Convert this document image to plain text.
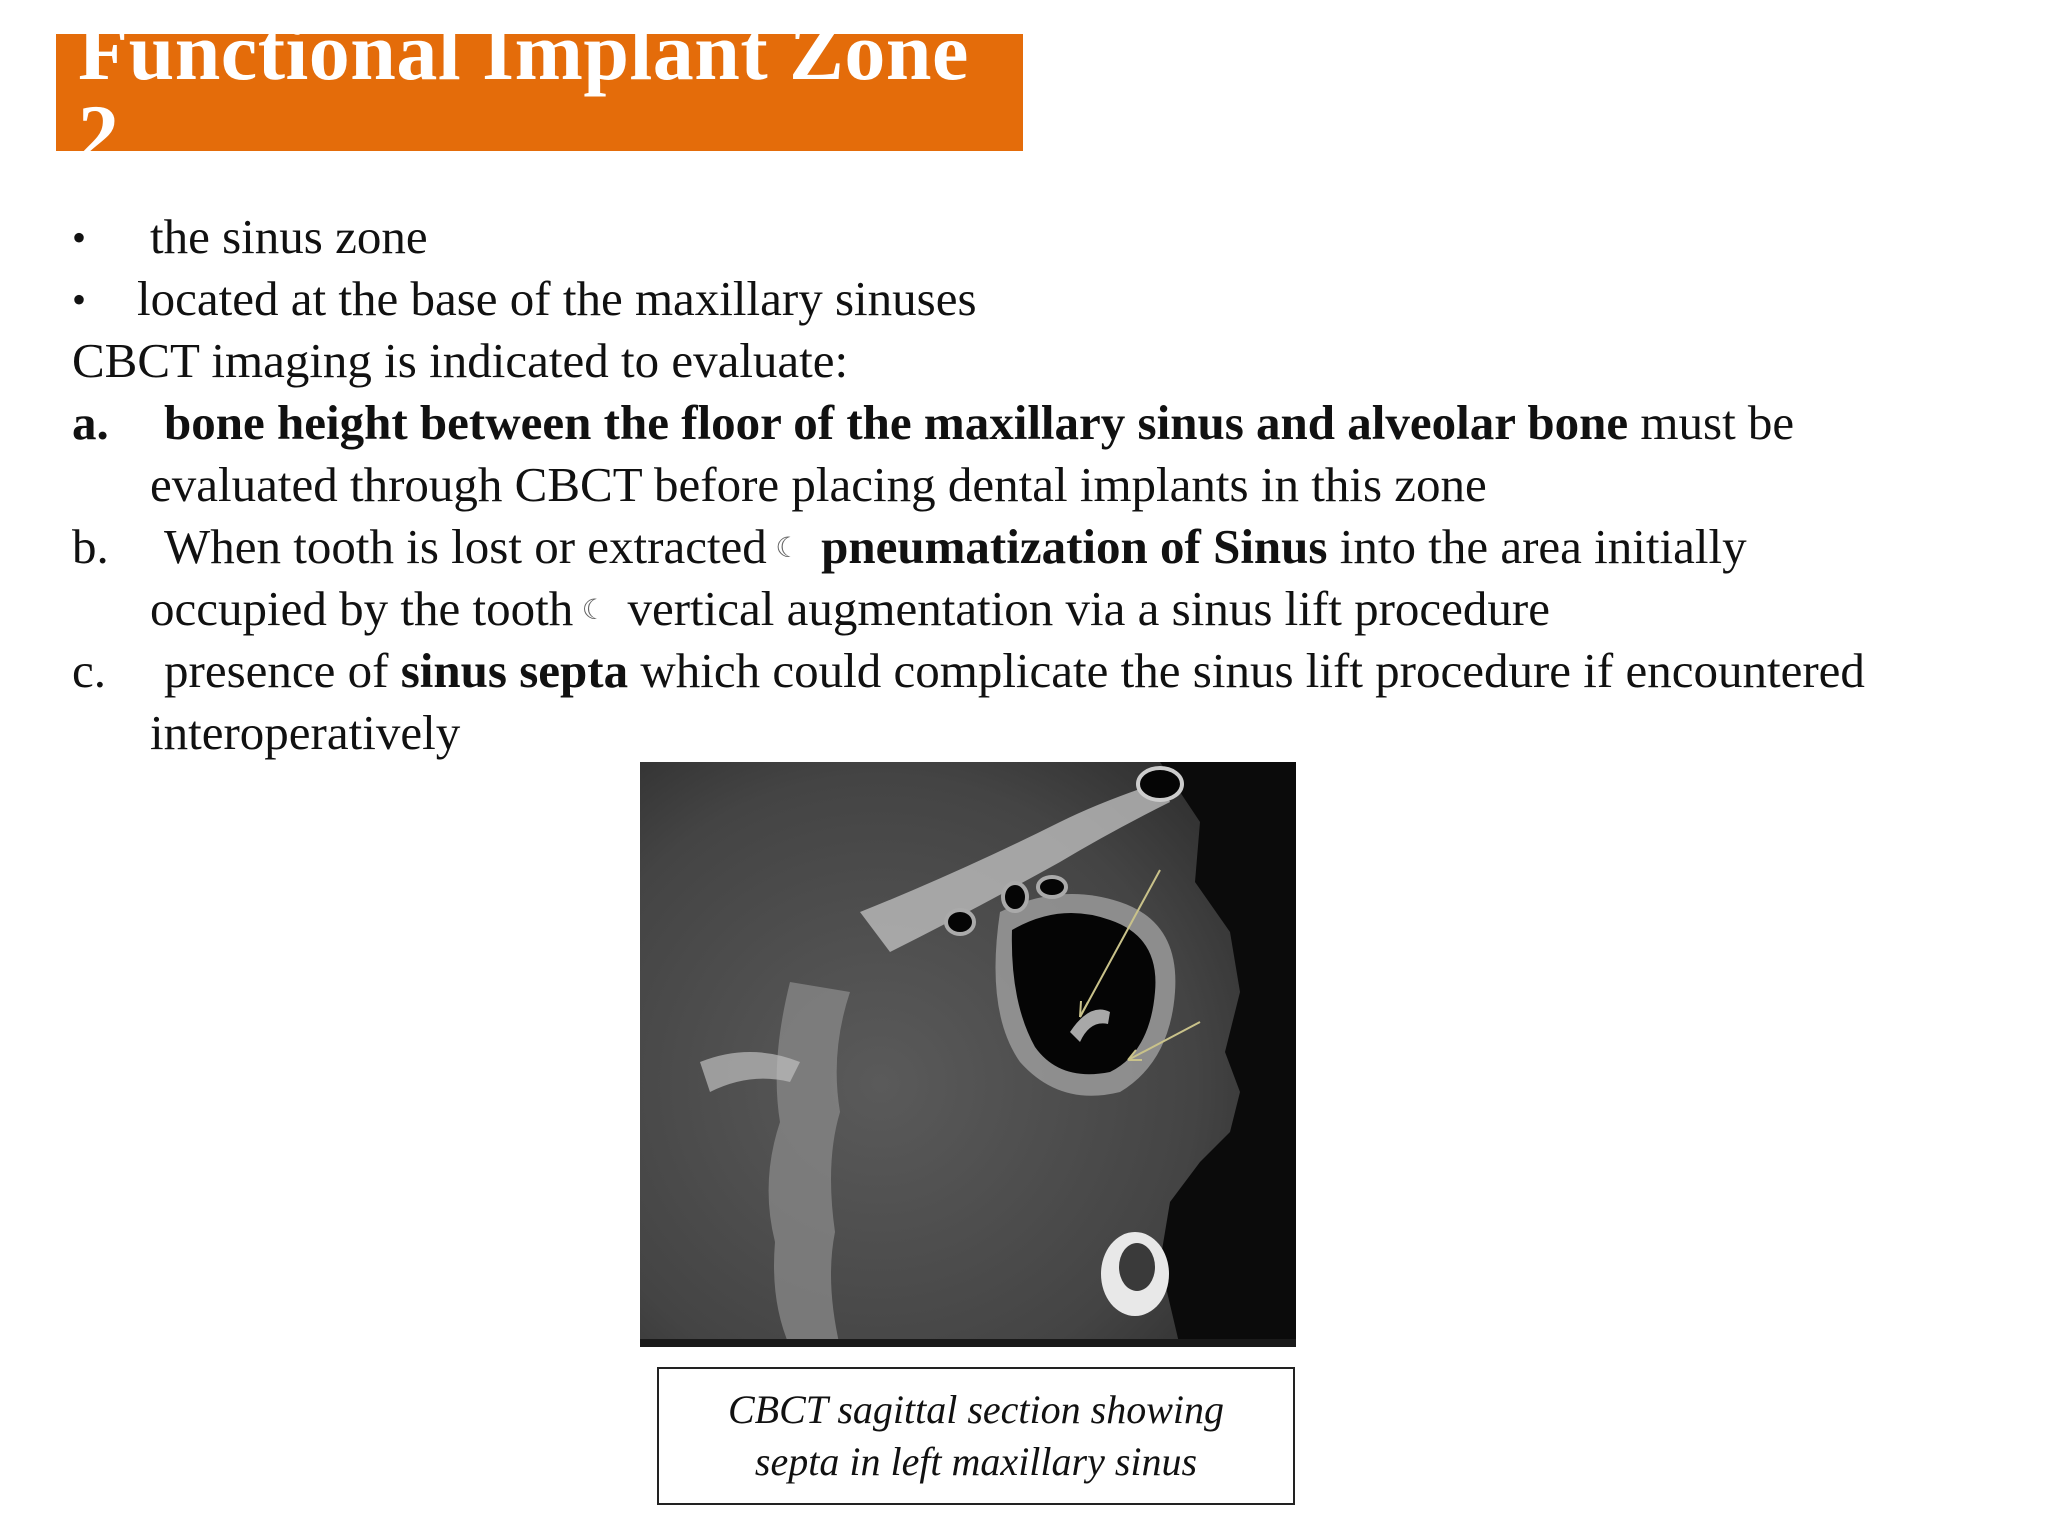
Functional Implant Zone 2
• the sinus zone
• located at the base of the maxillary sinuses
CBCT imaging is indicated to evaluate:
a. bone height between the floor of the maxillary sinus and alveolar bone must be
evaluated through CBCT before placing dental implants in this zone
b. When tooth is lost or extracted ☾ pneumatization of Sinus into the area initially
occupied by the tooth ☾ vertical augmentation via a sinus lift procedure
c. presence of sinus septa which could complicate the sinus lift procedure if encountered
interoperatively
CBCT sagittal section showing
septa in left maxillary sinus
